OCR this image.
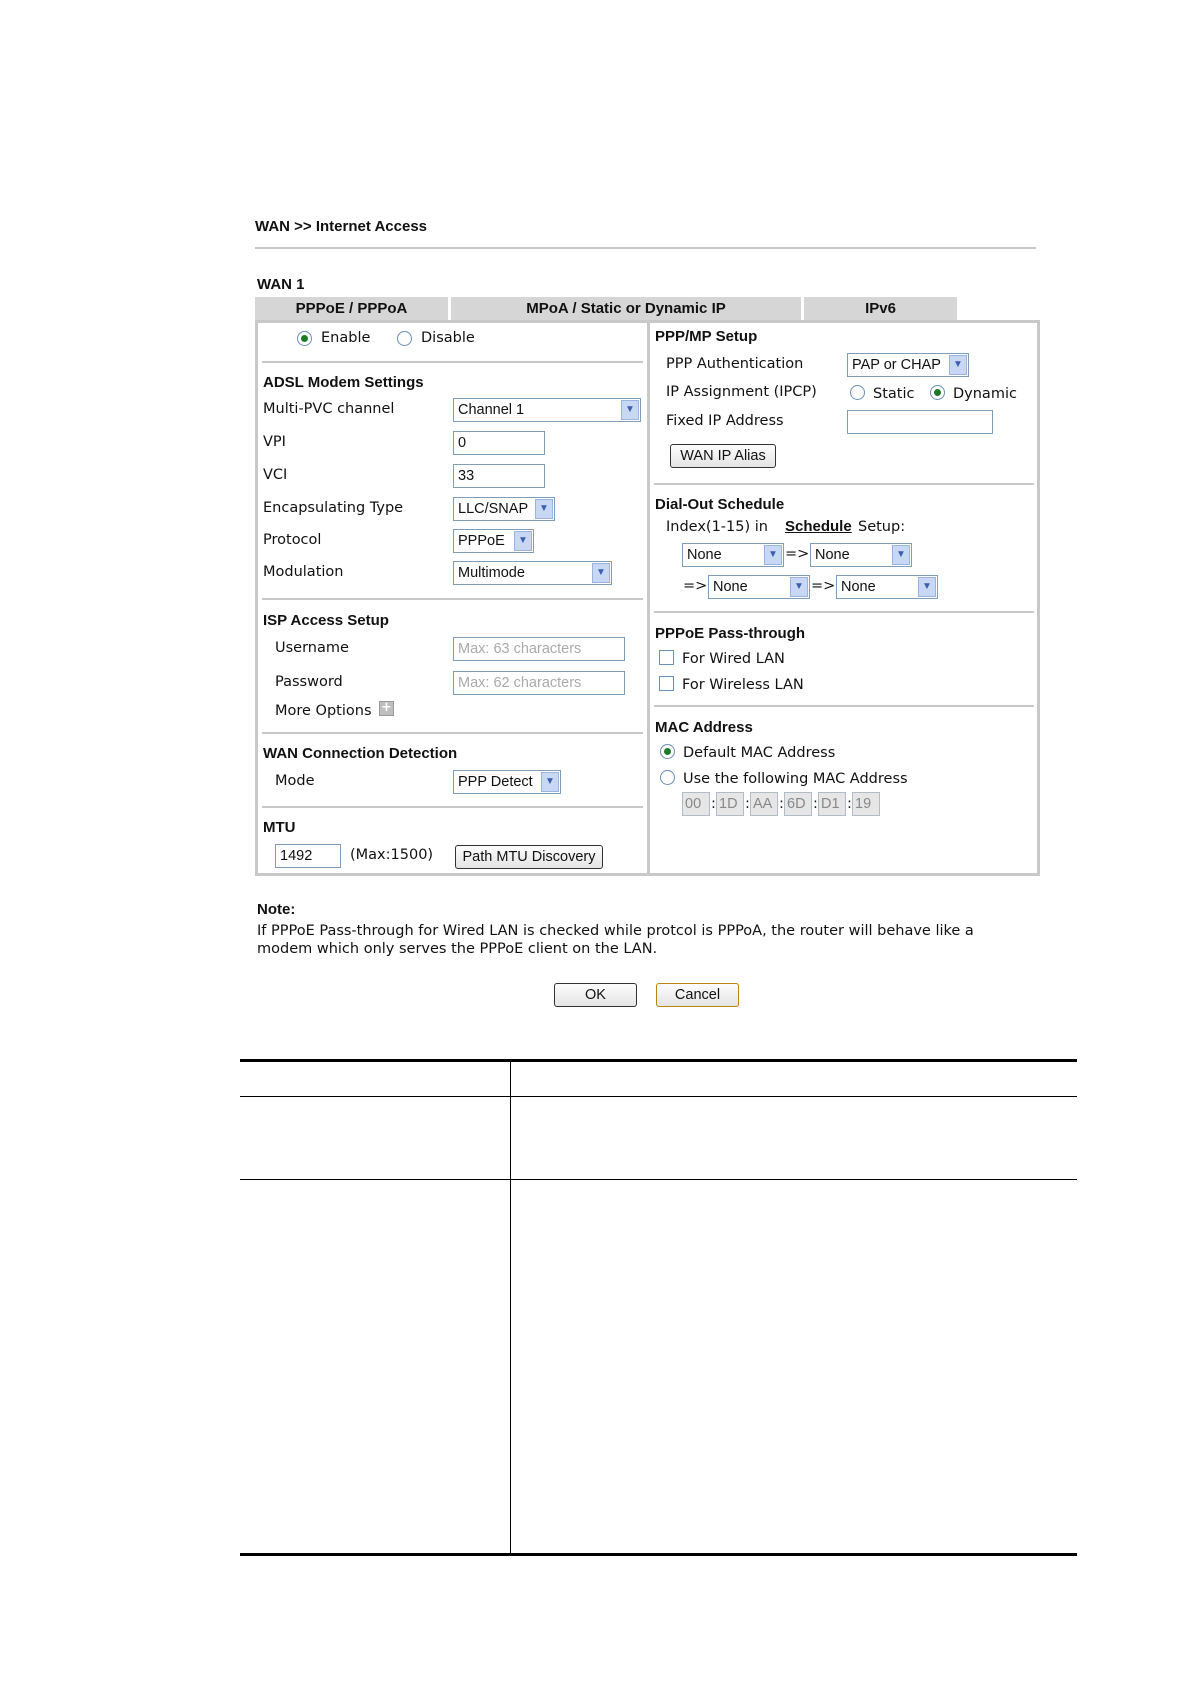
WAN >> Internet Access
WAN 1
PPPoE / PPPoA	MPoA / Static or Dynamic IP	IPv6
Enable	Disable
ADSL Modem Settings
Multi-PVC channel	Channel 1	▼
VPI	0
VCI	33
Encapsulating Type	LLC/SNAP	▼
Protocol	PPPoE	▼
Modulation	Multimode	▼
ISP Access Setup
Username	Max: 63 characters
Password	Max: 62 characters
More Options +
WAN Connection Detection
Mode	PPP Detect	▼
MTU
1492	(Max:1500)	Path MTU Discovery
PPP/MP Setup
PPP Authentication	PAP or CHAP	▼
IP Assignment (IPCP)	Static	Dynamic
Fixed IP Address
WAN IP Alias
Dial-Out Schedule
Index(1-15) in Schedule Setup:
None	▼ => None	▼
=> None	▼ => None	▼
PPPoE Pass-through
For Wired LAN
For Wireless LAN
MAC Address
Default MAC Address
Use the following MAC Address
00 : 1D : AA : 6D : D1 : 19
Note:
If PPPoE Pass-through for Wired LAN is checked while protcol is PPPoA, the router will behave like a
modem which only serves the PPPoE client on the LAN.
OK	Cancel
